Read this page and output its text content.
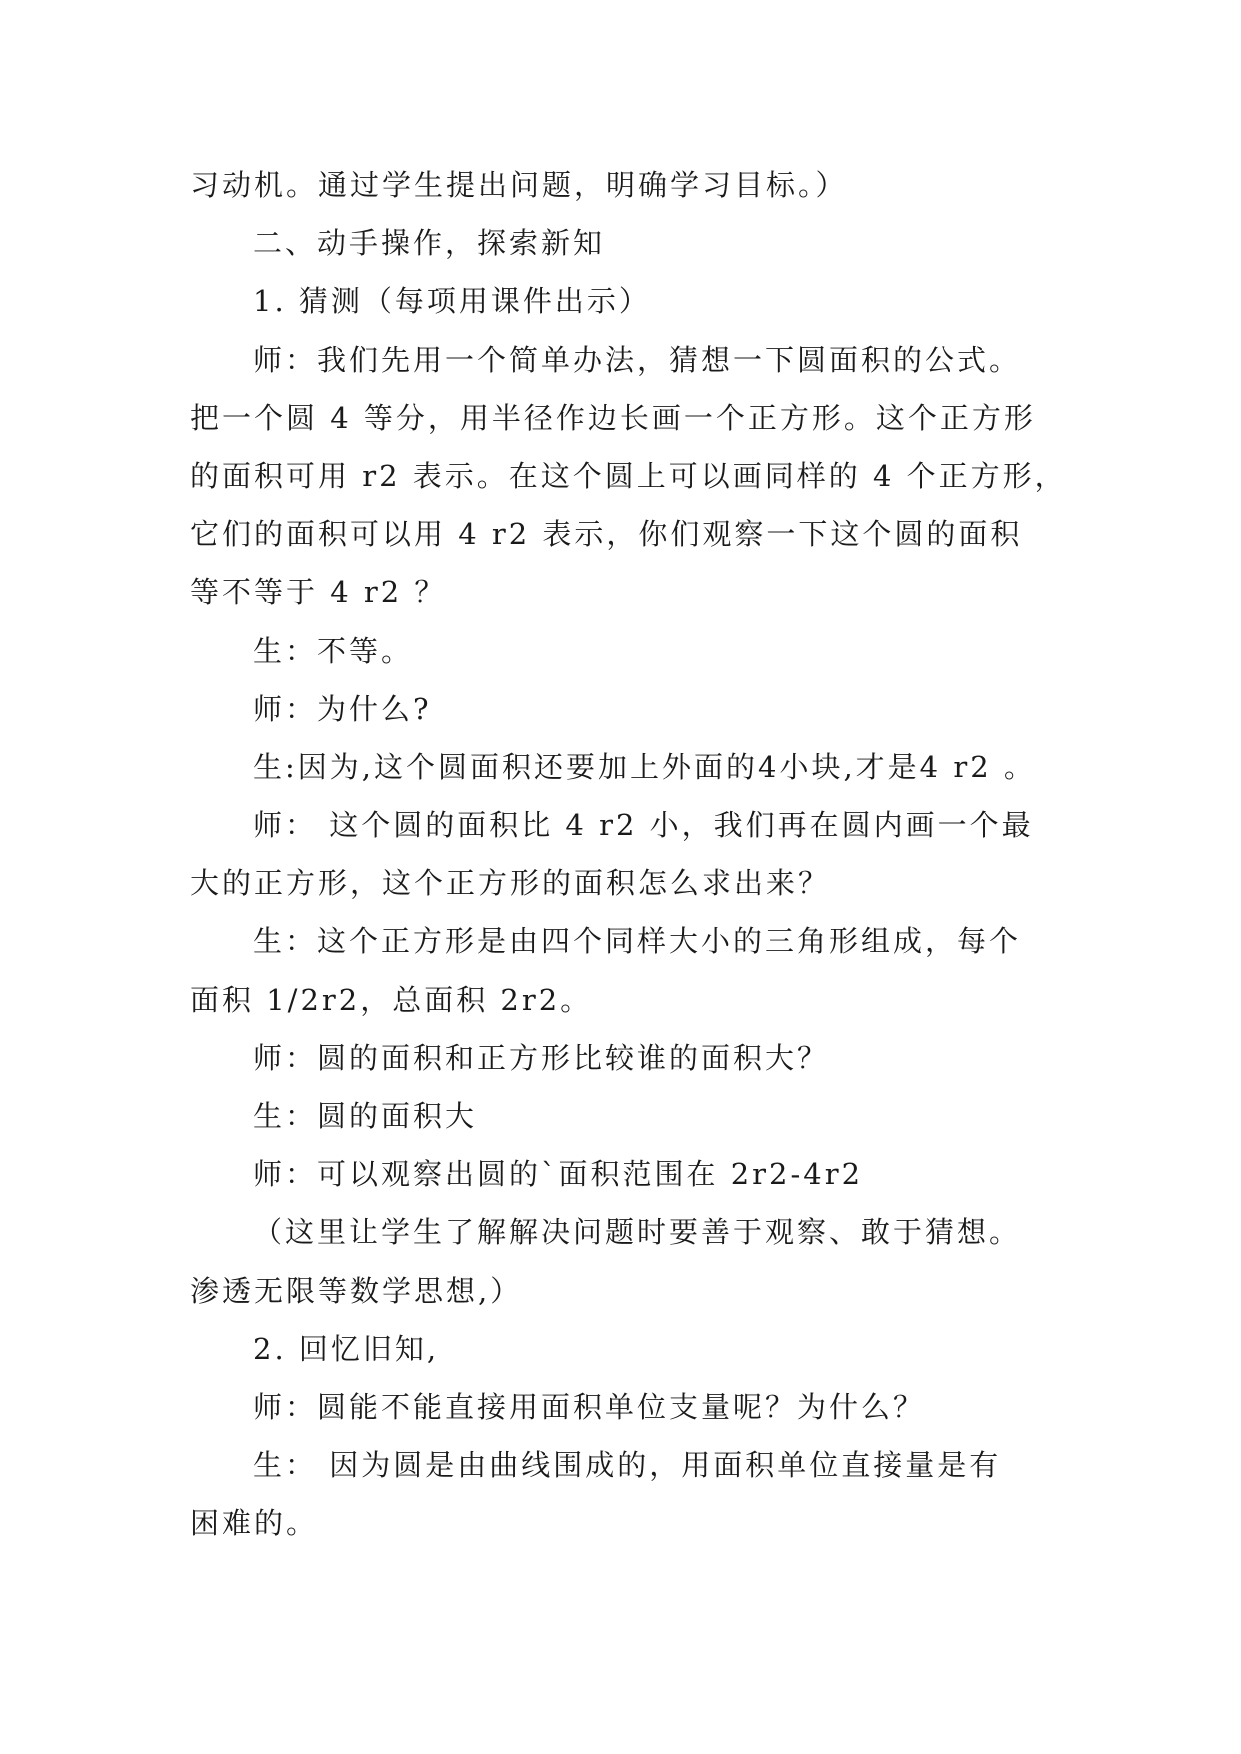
习动机。通过学生提出问题，明确学习目标。）
二、动手操作，探索新知
1. 猜测（每项用课件出示）
师：我们先用一个简单办法，猜想一下圆面积的公式。
把一个圆 4 等分，用半径作边长画一个正方形。这个正方形
的面积可用 r2 表示。在这个圆上可以画同样的 4 个正方形，
它们的面积可以用 4 r2 表示，你们观察一下这个圆的面积
等不等于 4 r2 ？
生：不等。
师：为什么?
生:因为,这个圆面积还要加上外面的4小块,才是4 r2 。
师： 这个圆的面积比 4 r2 小，我们再在圆内画一个最
大的正方形，这个正方形的面积怎么求出来？
生：这个正方形是由四个同样大小的三角形组成，每个
面积 1/2r2，总面积 2r2。
师：圆的面积和正方形比较谁的面积大？
生：圆的面积大
师：可以观察出圆的`面积范围在 2r2-4r2
（这里让学生了解解决问题时要善于观察、敢于猜想。
渗透无限等数学思想,）
2. 回忆旧知,
师：圆能不能直接用面积单位支量呢？为什么？
生： 因为圆是由曲线围成的，用面积单位直接量是有
困难的。
